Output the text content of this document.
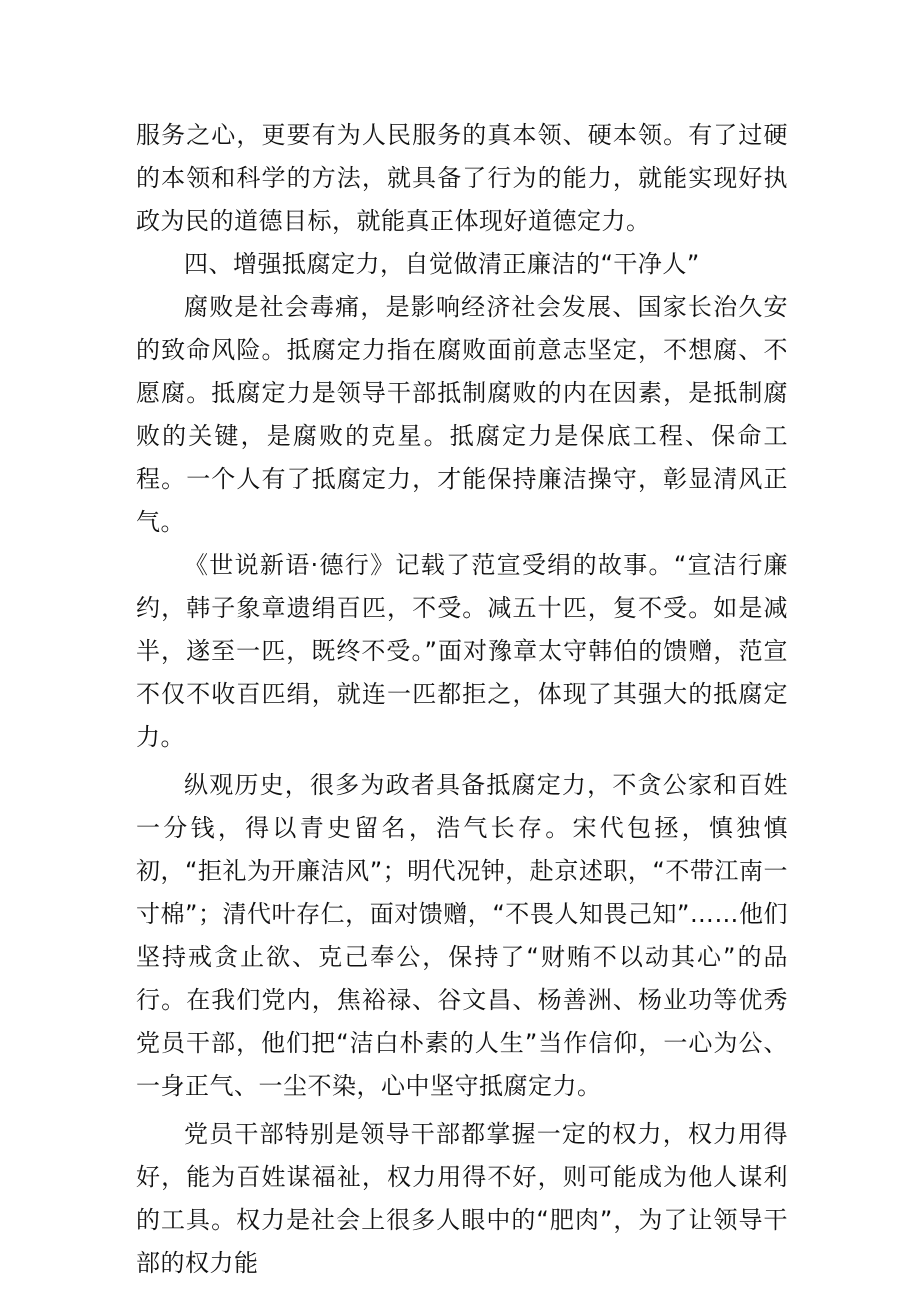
服务之心，更要有为人民服务的真本领、硬本领。有了过硬的本领和科学的方法，就具备了行为的能力，就能实现好执政为民的道德目标，就能真正体现好道德定力。

四、增强抵腐定力，自觉做清正廉洁的“干净人”

腐败是社会毒痛，是影响经济社会发展、国家长治久安的致命风险。抵腐定力指在腐败面前意志坚定，不想腐、不愿腐。抵腐定力是领导干部抵制腐败的内在因素，是抵制腐败的关键，是腐败的克星。抵腐定力是保底工程、保命工程。一个人有了抵腐定力，才能保持廉洁操守，彰显清风正气。

《世说新语·德行》记载了范宣受绢的故事。“宣洁行廉约，韩子象章遗绢百匹，不受。减五十匹，复不受。如是减半，遂至一匹，既终不受。”面对豫章太守韩伯的馈赠，范宣不仅不收百匹绢，就连一匹都拒之，体现了其强大的抵腐定力。

纵观历史，很多为政者具备抵腐定力，不贪公家和百姓一分钱，得以青史留名，浩气长存。宋代包拯，慎独慎初，“拒礼为开廉洁风”；明代况钟，赴京述职，“不带江南一寸棉”；清代叶存仁，面对馈赠，“不畏人知畏己知”……他们坚持戒贪止欲、克己奉公，保持了“财贿不以动其心”的品行。在我们党内，焦裕禄、谷文昌、杨善洲、杨业功等优秀党员干部，他们把“洁白朴素的人生”当作信仰，一心为公、一身正气、一尘不染，心中坚守抵腐定力。

党员干部特别是领导干部都掌握一定的权力，权力用得好，能为百姓谋福祉，权力用得不好，则可能成为他人谋利的工具。权力是社会上很多人眼中的“肥肉”，为了让领导干部的权力能
